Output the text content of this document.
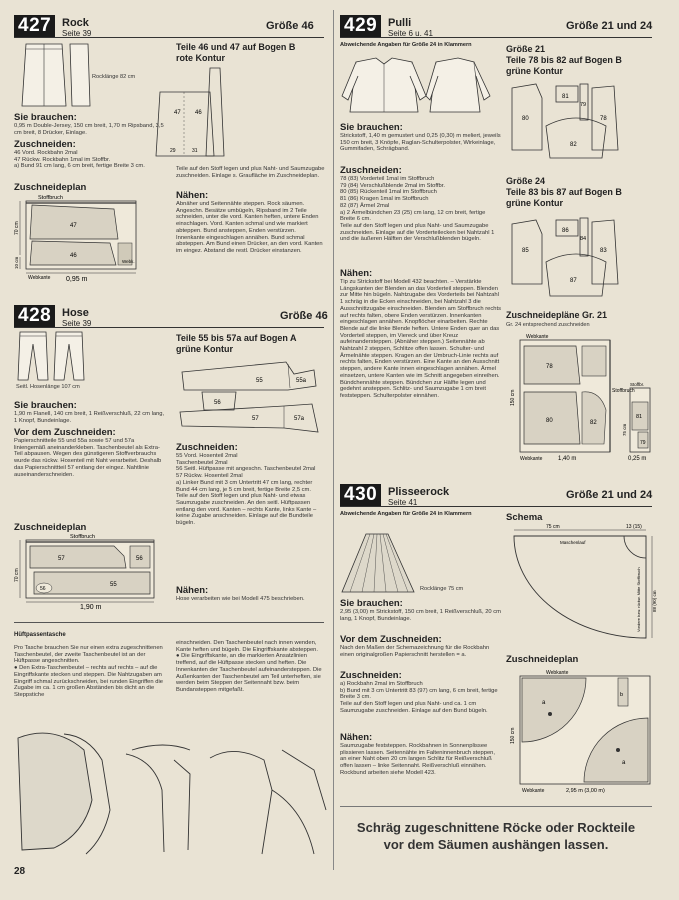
427 Rock
Seite 39
Größe 46
Rocklänge 82 cm
Teile 46 und 47 auf Bogen B
rote Kontur
47 46
29	31
Sie brauchen:
0,95 m Double-Jersey, 150 cm breit, 1,70 m Ripsband, 3,5 cm breit, 8 Drücker, Einlage.
Zuschneiden:
46 Vord. Rockbahn 2mal
47 Rückw. Rockbahn 1mal im Stoffbr.
a) Bund 91 cm lang, 6 cm breit, fertige Breite 3 cm.
Zuschneideplan
Stoffbruch
47
46
70 cm
10 cm	Webk.
Webkante 0,95 m
Teile auf den Stoff legen und plus Naht- und Saumzugabe zuschneiden. Einlage s. Graufläche im Zuschneideplan.
Nähen:
Abnäher und Seitennähte steppen. Rock säumen. Angeschn. Besätze umbügeln, Ripsband im 2 Teile schneiden, unter die vord. Kanten heften, untere Enden einschlagen. Vord. Kanten schmal und wie markiert abteppen. Bund ansteppen, Enden verstürzen. Innenkante eingeschlagen annähen. Bund schmal absteppen. Am Bund einen Drücker, an den vord. Kanten im eingez. Abstand die restl. Drücker einstanzen.
428 Hose
Seite 39
Größe 46
Seitl. Hosenlänge 107 cm
Teile 55 bis 57a auf Bogen A
grüne Kontur
55	55a
56
57	57a
Sie brauchen:
1,90 m Flanell, 140 cm breit, 1 Reißverschluß, 22 cm lang, 1 Knopf, Bundeinlage.
Vor dem Zuschneiden:
Papierschnitteile 55 und 55a sowie 57 und 57a liniengemäß aneinanderkleben. Taschenbeutel als Extra-Teil abpausen. Wegen des günstigeren Stoffverbrauchs wurde das rückw. Hosenteil mit Naht verarbeitet. Deshalb das Papierschnittteil 57 entlang der eingez. Nahtlinie auseinanderschneiden.
Zuschneideplan
Stoffbruch
57	56
55
56
70 cm
1,90 m
Zuschneiden:
55 Vord. Hosenteil 2mal
Taschenbeutel 2mal
56 Seitl. Hüftpasse mit angeschn. Taschenbeutel 2mal
57 Rückw. Hosenteil 2mal
a) Linker Bund mit 3 cm Untertritt 47 cm lang, rechter Bund 44 cm lang, je 5 cm breit, fertige Breite 2,5 cm.
Teile auf den Stoff legen und plus Naht- und etwas Saumzugabe zuschneiden. An den seitl. Hüftpassen entlang den vord. Kanten – rechts Kante, links Kante – keine Zugabe anschneiden. Einlage auf die Bundteile bügeln.
Nähen:
Hose verarbeiten wie bei Modell 475 beschrieben.
Hüftpassentasche
Pro Tasche brauchen Sie nur einen extra zugeschnittenen Taschenbeutel, der zweite Taschenbeutel ist an der Hüftpasse angeschnitten.
● Den Extra-Taschenbeutel – rechts auf rechts – auf die Eingriffskante stecken und steppen. Die Nahtzugaben am Eingriff schmal zurückschneiden, bei runden Eingriffen die Zugabe im ca. 1 cm großen Abständen bis dicht an die Steppstiche
einschneiden. Den Taschenbeutel nach innen wenden, Kante heften und bügeln. Die Eingriffskante absteppen.
● Die Eingriffskante, an die markierten Ansatzlinien treffend, auf die Hüftpasse stecken und heften. Die Innenkanten der Taschenbeutel aufeinandersteppen. Die Außenkanten der Taschenbeutel am Teil unterheften, sie werden beim Steppen der Seitennaht bzw. beim Bundansteppen mitgefaßt.
28
429 Pulli
Seite 6 u. 41
Größe 21 und 24
Abweichende Angaben für Größe 24 in Klammern	Größe 21
Teile 78 bis 82 auf Bogen B
grüne Kontur
80
81
79
78
82
Größe 24
Teile 83 bis 87 auf Bogen B
grüne Kontur
85
86
84
83
87
Sie brauchen:
Strickstoff, 1,40 m gemustert und 0,25 (0,30) m meliert, jeweils 150 cm breit, 3 Knöpfe, Raglan-Schulterpolster, Wirkeinlage, Gummifaden, Schrägband.
Zuschneiden:
78 (83) Vorderteil 1mal im Stoffbruch
79 (84) Verschlußblende 2mal im Stoffbr.
80 (85) Rückenteil 1mal im Stoffbruch
81 (86) Kragen 1mal im Stoffbruch
82 (87) Ärmel 2mal
a) 2 Ärmelbündchen 23 (25) cm lang, 12 cm breit, fertige Breite 6 cm.
Teile auf den Stoff legen und plus Naht- und Saumzugabe zuschneiden. Einlage auf die Vorderteilecken bei Nahtzahl 1 und die äußeren Hälften der Verschlußblenden bügeln.
Nähen:
Tip zu Strickstoff bei Modell 432 beachten. – Verstärkte Längskanten der Blenden an das Vorderteil steppen. Blenden zur Mitte hin bügeln. Nahtzugabe des Vorderteils bei Nahtzahl 1 schräg in die Ecken einschneiden, bei Nahtzahl 3 die Ausschnittzugabe einschneiden. Blenden am Stoffbruch rechts auf rechts falten, obere Enden verstürzen. Innenkanten eingeschlagen annähen. Knopflöcher einarbeiten. Rechte Blende auf die linke Blende heften. Untere Enden quer an das Vorderteil steppen, im Viereck und über Kreuz aufeinandersteppen. (Abnäher steppen.) Seitennähte ab Nahtzahl 2 steppen, Schlitze offen lassen. Schulter- und Ärmelnähte steppen. Kragen an der Umbruch-Linie rechts auf rechts falten, Enden verstürzen. Eine Kante an den Ausschnitt steppen, andere Kante innen eingeschlagen annähen. Ärmel einsetzen, untere Kanten wie im Schnitt angegeben einreihen. Bündchennähte steppen. Bündchen zur Hälfte legen und gedehnt ansteppen. Schlitz- und Saumzugabe 1 cm breit feststeppen. Schulterpolster einnähen.
Zuschneidepläne Gr. 21
Gr. 24 entsprechend zuschneiden
Webkante
78
80	82
81
79
Stoffbruch
Stoffbr.
150 cm
75 cm
Webkante	1,40 m	0,25 m
430 Plisseerock
Seite 41
Größe 21 und 24
Abweichende Angaben für Größe 24 in Klammern
Rocklänge 75 cm
Schema
75 cm	13 (15)
Maschenlauf
Vordere bzw. rückw. Mitte Stoffbruch 88 (90) cm
Sie brauchen:
2,95 (3,00) m Strickstoff, 150 cm breit, 1 Reißverschluß, 20 cm lang, 1 Knopf, Bundeinlage.
Vor dem Zuschneiden:
Nach den Maßen der Schemazeichnung für die Rockbahn einen originalgroßen Papierschnitt herstellen = a.
Zuschneiden:
a) Rockbahn 2mal im Stoffbruch
b) Bund mit 3 cm Untertritt 83 (97) cm lang, 6 cm breit, fertige Breite 3 cm.
Teile auf den Stoff legen und plus Naht- und ca. 1 cm Saumzugabe zuschneiden. Einlage auf den Bund bügeln.
Nähen:
Saumzugabe feststeppen. Rockbahnen in Sonnenplissee plissieren lassen. Seitennähte im Falteninnenbruch steppen, an einer Naht oben 20 cm langen Schlitz für Reißverschluß offen lassen – linke Seitennaht. Reißverschluß einnähen. Rockbund arbeiten siehe Modell 423.
Zuschneideplan
Webkante
a
a
b
150 cm
Webkante	2,95 m (3,00 m)
Schräg zugeschnittene Röcke oder Rockteile
vor dem Säumen aushängen lassen.
